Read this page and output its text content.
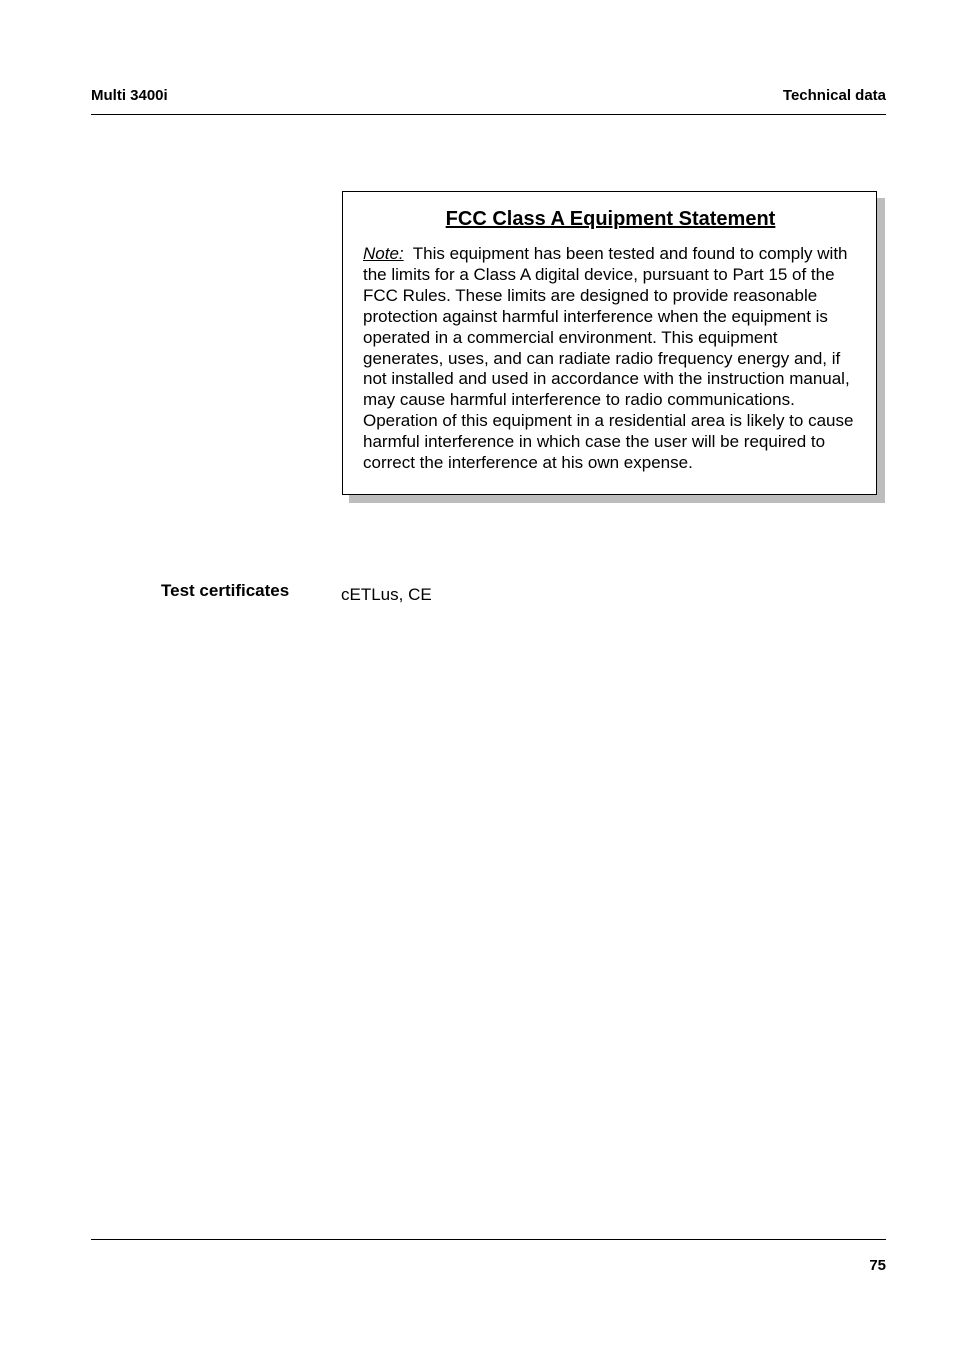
Multi 3400i	Technical data
FCC Class A Equipment Statement

Note: This equipment has been tested and found to comply with the limits for a Class A digital device, pursuant to Part 15 of the FCC Rules. These limits are designed to provide reasonable protection against harmful interference when the equipment is operated in a commercial environment. This equipment generates, uses, and can radiate radio frequency energy and, if not installed and used in accordance with the instruction manual, may cause harmful interference to radio communications. Operation of this equipment in a residential area is likely to cause harmful interference in which case the user will be required to correct the interference at his own expense.

Test certificates	cETLus, CE
75
